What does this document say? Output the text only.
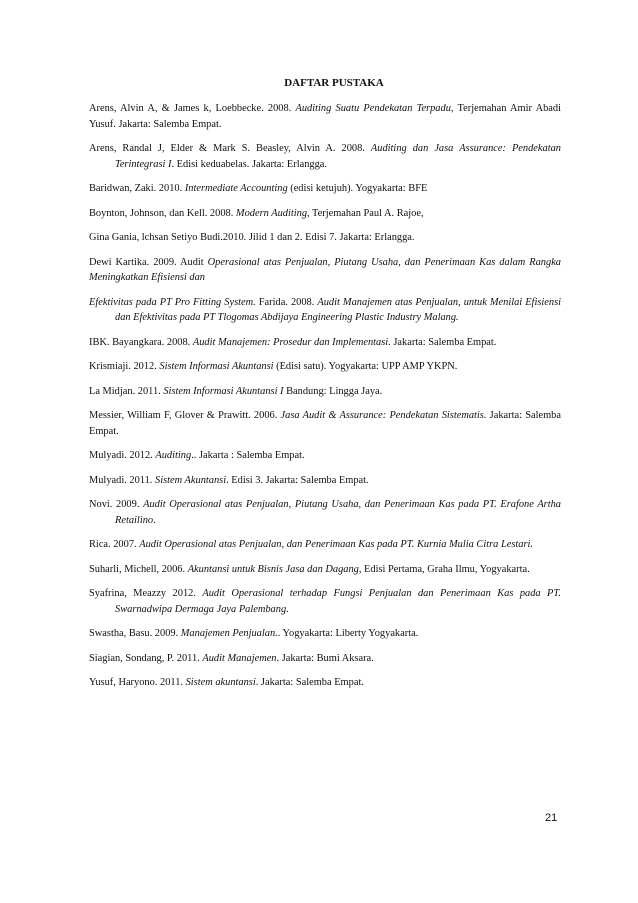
DAFTAR PUSTAKA

Arens, Alvin A, & James k, Loebbecke. 2008. Auditing Suatu Pendekatan Terpadu, Terjemahan Amir Abadi Yusuf. Jakarta: Salemba Empat.

Arens, Randal J, Elder & Mark S. Beasley, Alvin A. 2008. Auditing dan Jasa Assurance: Pendekatan Terintegrasi I. Edisi keduabelas. Jakarta: Erlangga.

Baridwan, Zaki. 2010. Intermediate Accounting (edisi ketujuh). Yogyakarta: BFE

Boynton, Johnson, dan Kell. 2008. Modern Auditing, Terjemahan Paul A. Rajoe,

Gina Gania, lchsan Setiyo Budi.2010. Jilid 1 dan 2. Edisi 7. Jakarta: Erlangga.

Dewi Kartika. 2009. Audit Operasional atas Penjualan, Piutang Usaha, dan Penerimaan Kas dalam Rangka Meningkatkan Efisiensi dan

Efektivitas pada PT Pro Fitting System. Farida. 2008. Audit Manajemen atas Penjualan, untuk Menilai Efisiensi dan Efektivitas pada PT Tlogomas Abdijaya Engineering Plastic Industry Malang.

IBK. Bayangkara. 2008. Audit Manajemen: Prosedur dan Implementasi. Jakarta: Salemba Empat.

Krismiaji. 2012. Sistem Informasi Akuntansi (Edisi satu). Yogyakarta: UPP AMP YKPN.

La Midjan. 2011. Sistem Informasi Akuntansi I Bandung: Lingga Jaya.

Messier, William F, Glover & Prawitt. 2006. Jasa Audit & Assurance: Pendekatan Sistematis. Jakarta: Salemba Empat.

Mulyadi. 2012. Auditing.. Jakarta : Salemba Empat.

Mulyadi. 2011. Sistem Akuntansi. Edisi 3. Jakarta: Salemba Empat.

Novi. 2009. Audit Operasional atas Penjualan, Piutang Usaha, dan Penerimaan Kas pada PT. Erafone Artha Retailino.

Rica. 2007. Audit Operasional atas Penjualan, dan Penerimaan Kas pada PT. Kurnia Mulia Citra Lestari.

Suharli, Michell, 2006. Akuntansi untuk Bisnis Jasa dan Dagang, Edisi Pertama, Graha Ilmu, Yogyakarta.

Syafrina, Meazzy 2012. Audit Operasional terhadap Fungsi Penjualan dan Penerimaan Kas pada PT. Swarnadwipa Dermaga Jaya Palembang.

Swastha, Basu. 2009. Manajemen Penjualan.. Yogyakarta: Liberty Yogyakarta.

Siagian, Sondang, P. 2011. Audit Manajemen. Jakarta: Bumi Aksara.

Yusuf, Haryono. 2011. Sistem akuntansi. Jakarta: Salemba Empat.

21
